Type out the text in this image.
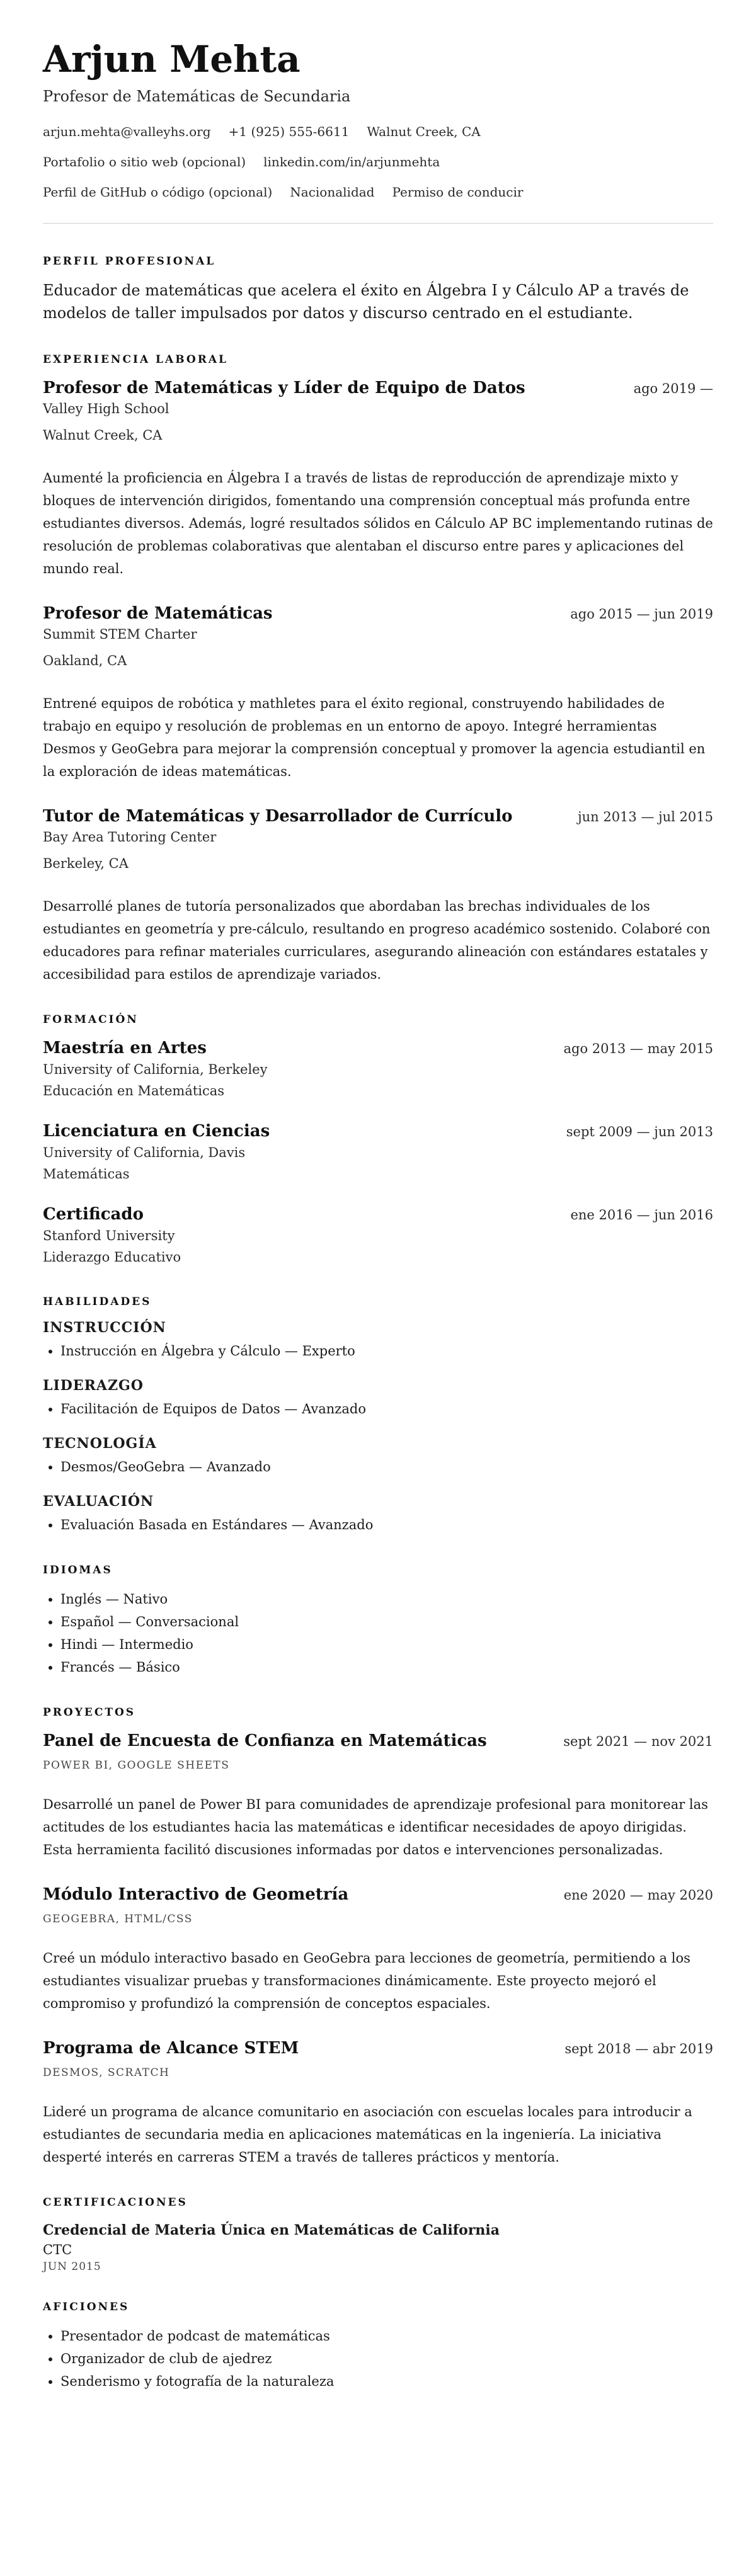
Arjun Mehta

Profesor de Matemáticas de Secundaria

arjun.mehta@valleyhs.org +1 (925) 555-6611 Walnut Creek, CA
Portafolio o sitio web (opcional) linkedin.com/in/arjunmehta
Perfil de GitHub o código (opcional) Nacionalidad Permiso de conducir
PERFIL PROFESIONAL

Educador de matemáticas que acelera el éxito en Álgebra I y Cálculo AP a través de modelos de taller impulsados por datos y discurso centrado en el estudiante.

EXPERIENCIA LABORAL
Profesor de Matemáticas y Líder de Equipo de Datos	ago 2019 —

Valley High School

Walnut Creek, CA

Aumenté la proficiencia en Álgebra I a través de listas de reproducción de aprendizaje mixto y bloques de intervención dirigidos, fomentando una comprensión conceptual más profunda entre estudiantes diversos. Además, logré resultados sólidos en Cálculo AP BC implementando rutinas de resolución de problemas colaborativas que alentaban el discurso entre pares y aplicaciones del mundo real.

Profesor de Matemáticas	ago 2015 — jun 2019

Summit STEM Charter

Oakland, CA

Entrené equipos de robótica y mathletes para el éxito regional, construyendo habilidades de trabajo en equipo y resolución de problemas en un entorno de apoyo. Integré herramientas Desmos y GeoGebra para mejorar la comprensión conceptual y promover la agencia estudiantil en la exploración de ideas matemáticas.

Tutor de Matemáticas y Desarrollador de Currículo	jun 2013 — jul 2015

Bay Area Tutoring Center

Berkeley, CA

Desarrollé planes de tutoría personalizados que abordaban las brechas individuales de los estudiantes en geometría y pre-cálculo, resultando en progreso académico sostenido. Colaboré con educadores para refinar materiales curriculares, asegurando alineación con estándares estatales y accesibilidad para estilos de aprendizaje variados.

FORMACIÓN
Maestría en Artes	ago 2013 — may 2015

University of California, Berkeley

Educación en Matemáticas

Licenciatura en Ciencias	sept 2009 — jun 2013

University of California, Davis

Matemáticas

Certificado	ene 2016 — jun 2016

Stanford University

Liderazgo Educativo

HABILIDADES
INSTRUCCIÓN
• Instrucción en Álgebra y Cálculo — Experto
LIDERAZGO
• Facilitación de Equipos de Datos — Avanzado
TECNOLOGÍA
• Desmos/GeoGebra — Avanzado
EVALUACIÓN
• Evaluación Basada en Estándares — Avanzado
IDIOMAS
• Inglés — Nativo
• Español — Conversacional
• Hindi — Intermedio
• Francés — Básico
PROYECTOS
Panel de Encuesta de Confianza en Matemáticas	sept 2021 — nov 2021

POWER BI, GOOGLE SHEETS

Desarrollé un panel de Power BI para comunidades de aprendizaje profesional para monitorear las actitudes de los estudiantes hacia las matemáticas e identificar necesidades de apoyo dirigidas. Esta herramienta facilitó discusiones informadas por datos e intervenciones personalizadas.

Módulo Interactivo de Geometría	ene 2020 — may 2020

GEOGEBRA, HTML/CSS

Creé un módulo interactivo basado en GeoGebra para lecciones de geometría, permitiendo a los estudiantes visualizar pruebas y transformaciones dinámicamente. Este proyecto mejoró el compromiso y profundizó la comprensión de conceptos espaciales.

Programa de Alcance STEM	sept 2018 — abr 2019

DESMOS, SCRATCH

Lideré un programa de alcance comunitario en asociación con escuelas locales para introducir a estudiantes de secundaria media en aplicaciones matemáticas en la ingeniería. La iniciativa desperté interés en carreras STEM a través de talleres prácticos y mentoría.

CERTIFICACIONES

Credencial de Materia Única en Matemáticas de California

CTC

JUN 2015

AFICIONES
• Presentador de podcast de matemáticas
• Organizador de club de ajedrez
• Senderismo y fotografía de la naturaleza
